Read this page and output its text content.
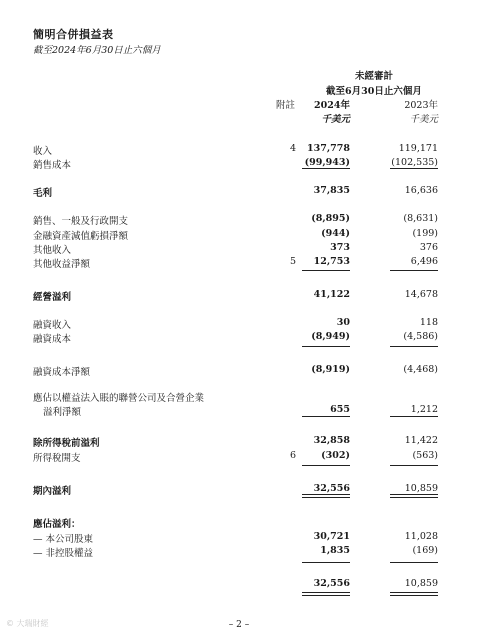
簡明合併損益表
截至2024年6月30日止六個月
未經審計
截至6月30日止六個月
附註 2024年	2023年
千美元	千美元
收入	4	137,778	119,171
銷售成本	(99,943)	(102,535)
毛利	37,835	16,636
銷售、一般及行政開支	(8,895)	(8,631)
金融資產減值虧損淨額	(944)	(199)
其他收入	373	376
其他收益淨額	5	12,753	6,496
經營溢利	41,122	14,678
融資收入	30	118
融資成本	(8,949)	(4,586)
融資成本淨額	(8,919)	(4,468)
應佔以權益法入賬的聯營公司及合營企業
溢利淨額	655	1,212
除所得稅前溢利	32,858	11,422
所得稅開支	6	(302)	(563)
期內溢利	32,556	10,859
應佔溢利：
— 本公司股東	30,721	11,028
— 非控股權益	1,835	(169)
32,556	10,859
© 大瑞財經	– 2 –
